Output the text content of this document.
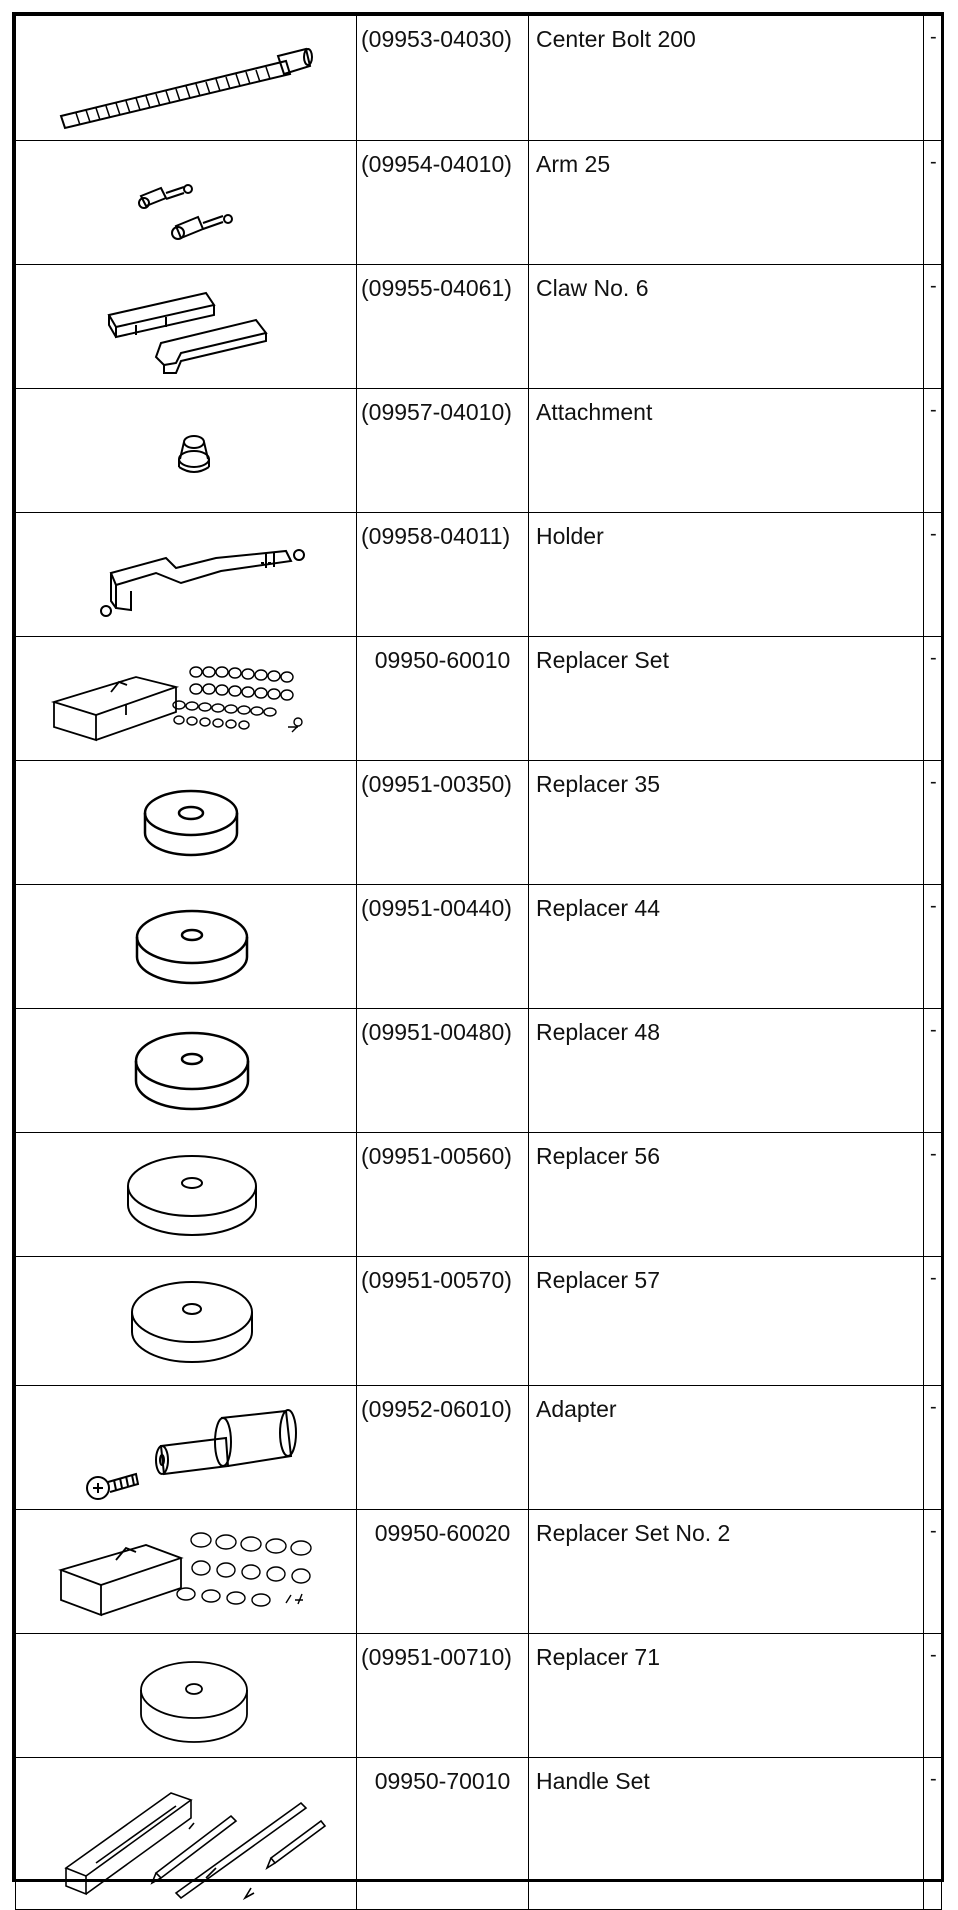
(09953-04030)	Center Bolt 200	-

(09954-04010)	Arm 25	-

(09955-04061)	Claw No. 6	-

(09957-04010)	Attachment	-

(09958-04011)	Holder	-

09950-60010	Replacer Set	-

(09951-00350)	Replacer 35	-

(09951-00440)	Replacer 44	-

(09951-00480)	Replacer 48	-

(09951-00560)	Replacer 56	-

(09951-00570)	Replacer 57	-

(09952-06010)	Adapter	-

09950-60020	Replacer Set No. 2	-

(09951-00710)	Replacer 71	-

09950-70010	Handle Set	-
